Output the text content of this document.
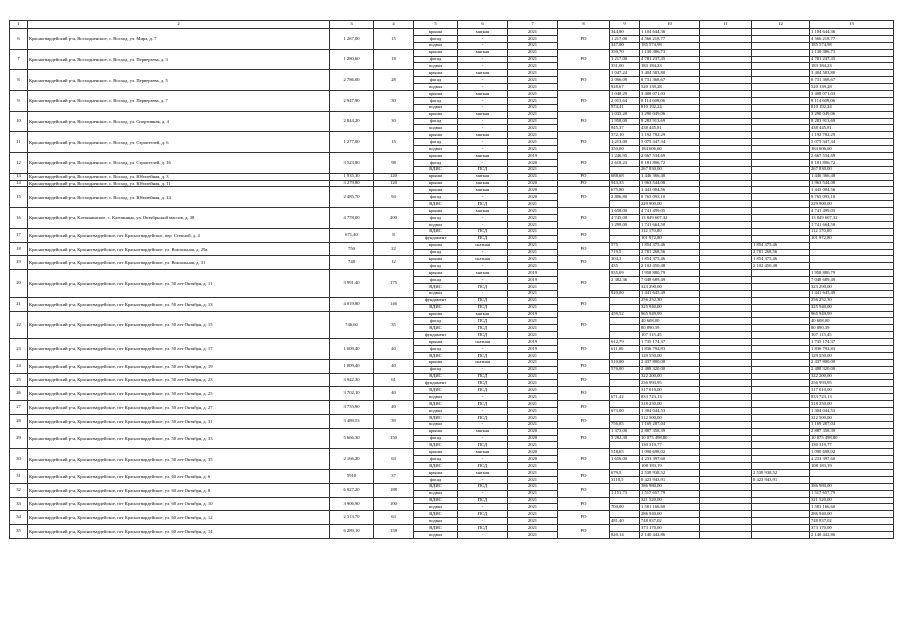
1	2	3	4	5	6	7	8	9	10	11	12	13
6	Красногвардейский р-н, Восходненское, с. Восход, ул. Мира, д. 7	1 267,00	15	крыша	мягкая	2021	РО	344,80	1 104 644,36			1 104 644,36
				фасад	-	2021		1 217,00	4 566 218,77			4 566 218,77
				подвал	-	2021		347,00	185 574,98			185 574,98
7	Красногвардейский р-н, Восходненское, с. Восход, ул. Перверзева, д. 3	1 280,60	18	крыша	мягкая	2021	РО	350,70	1 130 386,73			1 130 386,73
				фасад	-	2021		1 217,00	4 781 237,35			4 781 237,35
				подвал	-	2021		351,00	183 184,23			183 184,23
8	Красногвардейский р-н, Восходненское, с. Восход, ул. Перверзева, д. 5	2 786,00	28	крыша	мягкая	2021	РО	1 047,24	3 404 583,80			3 404 583,80
				фасад	-	2021		2 066,09	8 731 368,67			8 731 368,67
				подвал	-	2021		928,67	520 139,28			520 139,28
9	Красногвардейский р-н, Восходненское, с. Восход, ул. Перверзева, д. 7	2 947,90	30	крыша	мягкая	2021	РО	1 048,29	3 408 071,03			3 408 071,03
				фасад	-	2021		2 013,64	8 114 609,06			8 114 609,06
				подвал	-	2021		974,41	810 192,24			810 192,24
10	Красногвардейский р-н, Восходненское, с. Восход, ул. Спортивная, д. 4	2 844,20	30	крыша	мягкая	2021	РО	1 035,20	3 290 049,06			3 290 049,06
				фасад	-	2021		1 958,00	8 283 913,69			8 283 913,69
				подвал	-	2021		945,37	438 445,81			438 445,81
11	Красногвардейский р-н, Восходненское, с. Восход, ул. Строителей, д. 6	1 277,00	15	крыша	мягкая	2021	РО	372,10	1 192 782,29			1 192 782,29
				фасад	-	2021		1 213,00	5 075 347,34			5 075 347,34
				подвал	-	2021		350,00	184 606,60			184 606,60
12	Красногвардейский р-н, Восходненское, с. Восход, ул. Строителей, д. 16	3 523,80	98	крыша	мягкая	2019	РО	1 246,95	2 667 534,69			2 667 534,69
				фасад	-	2020		2 618,23	8 181 806,72			8 181 806,72
				ВДИС	ПСД	2021			267 830,00			267 830,00
13	Красногвардейский р-н, Восходненское, с. Восход, ул. Юбилейная, д. 3	1 935,30	120	крыша	мягкая	2021	РО	688,68	1 446 366,40			1 446 366,40
14	Красногвардейский р-н, Восходненское, с. Восход, ул. Юбилейная, д. 11	3 279,80	120	крыша	мягкая	2020	РО	943,35	1 963 544,08			1 963 544,08
15	Красногвардейский р-н, Восходненское, с. Восход, ул. Юбилейная, д. 14	2 485,70	94	крыша	мягкая	2020	РО	675,80	1 443 004,56			1 443 004,56
				фасад	-	2020		2 806,80	8 765 093,10			8 765 093,10
				ВДИС	ПСД	2021			229 900,00			229 900,00
16	Красногвардейский р-н, Клепининское, с. Клепинино, ул. Октябрьской массив, д. 38	4 778,00	200	крыша	мягкая	2021	РО	1 658,00	4 741 499,05			4 741 499,05
				фасад	-	2021		4 745,00	13 849 607,32			13 849 607,32
				подвал	-	2021		1 299,00	1 741 664,50			1 741 664,50
17	Красногвардейский р-н, Красногвардейское, пгт Красногвардейское, пер. Степной, д. 4	671,40	8	ВДИС	ПСД	2021	РО		112 170,00			112 170,00
				фундамент	ПСД	2021			101 972,80			101 972,80
18	Красногвардейский р-н, Красногвардейское, пгт Красногвардейское, ул. Вокзальная, д. 29а	750	22	крыша	скатная	2021	РО	575	1 854 375,46		1 854 375,46	
				фасад	-	2021		719,5	2 781 268,56		2 781 268,56	
19	Красногвардейский р-н, Красногвардейское, пгт Красногвардейское, ул. Вокзальная, д. 31	748	12	крыша	скатная	2021	РО	304,3	1 854 375,46		1 854 375,46	
				фасад	-	2021		435	2 102 450,48		2 102 450,48	
20	Красногвардейский р-н, Красногвардейское, пгт Красногвардейское, ул. 50 лет Октября, д. 11	3 991,40	175	крыша	мягкая	2019	РО	935,09	1 958 880,79			1 958 880,79
				фасад	-	2019		2 382,36	7 048 689,49			7 048 689,49
				ВДИС	ПСД	2021			323 290,00			323 290,00
				подвал	-	2021		920,00	1 441 645,49			1 441 645,49
21	Красногвардейский р-н, Красногвардейское, пгт Красногвардейское, ул. 50 лет Октября, д. 13	4 019,80	146	фундамент	ПСД	2021	РО		256 252,30			256 252,30
				ВДИС	ПСД	2021			325 940,00			325 940,00
22	Красногвардейский р-н, Красногвардейское, пгт Красногвардейское, ул. 50 лет Октября, д. 15	746,60	35	крыша	мягкая	2019	РО	459,52	965 949,99			965 949,99
				фасад	ПСД	2021			40 608,00			40 608,00
				ВДИС	ПСД	2021			80 890,39			80 890,39
				фундамент	ПСД	2021			107 115,45			107 115,45
23	Красногвардейский р-н, Красногвардейское, пгт Красногвардейское, ул. 50 лет Октября, д. 17	1 009,40	40	крыша	скатная	2019	РО	612,79	1 735 174,37			1 735 174,37
				фасад	-	2019		611,00	1 836 792,83			1 836 792,83
				ВДИС	ПСД	2021			129 550,00			129 550,00
24	Красногвардейский р-н, Красногвардейское, пгт Красногвардейское, ул. 50 лет Октября, д. 19	1 009,40	40	крыша	скатная	2021	РО	510,00	2 437 800,00			2 437 800,00
				фасад	-	2021		576,00	2 488 320,00			2 488 320,00
25	Красногвардейский р-н, Красногвардейское, пгт Красногвардейское, ул. 50 лет Октября, д. 23	3 942,30	61	ВДИС	ПСД	2021	РО		322 200,00			322 200,00
				фундамент	ПСД	2021			256 993,95			256 993,95
26	Красногвардейский р-н, Красногвардейское, пгт Красногвардейское, ул. 50 лет Октября, д. 25	3 702,10	40	ВДИС	ПСД	2021	РО		317 010,00			317 010,00
				подвал	-	2021		671,42	833 723,13			833 723,13
27	Красногвардейский р-н, Красногвардейское, пгт Красногвардейское, ул. 50 лет Октября, д. 27	3 755,90	40	ВДИС	ПСД	2021	РО		318 250,00			318 250,00
				подвал	-	2021		673,00	1 304 044,53			1 304 044,53
28	Красногвардейский р-н, Красногвардейское, пгт Красногвардейское, ул. 50 лет Октября, д. 31	3 489,53	39	ВДИС	ПСД	2021	РО		312 500,00			312 500,00
				подвал	-	2021		756,85	1 169 287,04			1 169 287,04
29	Красногвардейский р-н, Красногвардейское, пгт Красногвардейское, ул. 50 лет Октября, д. 33	5 666,30	150	крыша	мягкая	2020	РО	1 373,00	2 887 358,39			2 887 358,39
				фасад	-	2020		3 282,30	10 075 498,80			10 075 498,80
				ВДИС	ПСД	2021			130 319,77			130 319,77
30	Красногвардейский р-н, Красногвардейское, пгт Красногвардейское, ул. 50 лет Октября, д. 35	2 166,20	63	крыша	мягкая	2020	РО	518,65	1 090 698,02			1 090 698,02
				фасад	-	2020		1 656,00	4 233 397,60			4 233 397,60
				ВДИС	ПСД	2021			108 183,19			108 183,19
31	Красногвардейский р-н, Красногвардейское, пгт Красногвардейское, ул. 60 лет Октября, д. 6	5910	37	крыша	мягкая	2021	РО	679,5	2 539 938,52		2 539 938,52	
				фасад	-	2021		3110,5	8 423 943,91		8 423 943,91	
32	Красногвардейский р-н, Красногвардейское, пгт Красногвардейское, ул. 60 лет Октября, д. 8	6 927,20	188	ВДИС	ПСД	2021	РО		386 980,00			386 980,00
				подвал	-	2021		1 151,73	1 517 657,79			1 517 657,79
33	Красногвардейский р-н, Красногвардейское, пгт Красногвардейское, ул. 60 лет Октября, д. 10	3 906,90	100	ВДИС	ПСД	2021	РО		321 520,00			321 520,00
				подвал	-	2021		700,00	1 581 166,60			1 581 166,60
34	Красногвардейский р-н, Красногвардейское, пгт Красногвардейское, ул. 60 лет Октября, д. 12	2 313,70	63	ВДИС	ПСД	2021	РО		286 940,00			286 940,00
				подвал	-	2021		481,40	748 837,02			748 837,02
35	Красногвардейский р-н, Красногвардейское, пгт Красногвардейское, ул. 60 лет Октября, д. 14	6 289,10	158	ВДИС	ПСД	2021	РО		373 170,00			373 170,00
				подвал	-	2021		820,14	2 140 442,86			2 140 442,86
